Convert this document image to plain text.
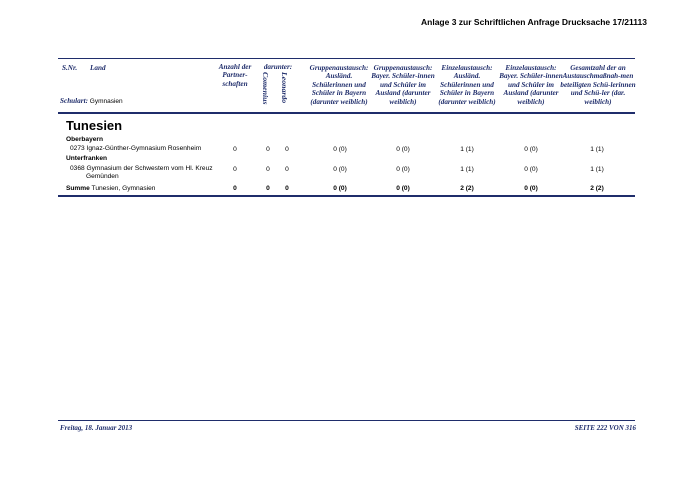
Anlage 3 zur Schriftlichen Anfrage Drucksache 17/21113
S.Nr. Land
Schulart: Gymnasien
Anzahl der Partner-schaften
darunter:
Comenius Leonardo
Gruppenaustausch: Ausländ. Schülerinnen und Schüler in Bayern (darunter weiblich)
Gruppenaustausch: Bayer. Schüler-innen und Schüler im Ausland (darunter weiblich)
Einzelaustausch: Ausländ. Schülerinnen und Schüler in Bayern (darunter weiblich)
Einzelaustausch: Bayer. Schüler-innen und Schüler im Ausland (darunter weiblich)
Gesamtzahl der an Austauschmaßnah-men beteiligten Schü-lerinnen und Schü-ler (dar. weiblich)
Tunesien
Oberbayern
0273 Ignaz-Günther-Gymnasium Rosenheim	0	0	0	0 (0)	0 (0)	1 (1)	0 (0)	1 (1)
Unterfranken
0368 Gymnasium der Schwestern vom Hl. Kreuz
Gemünden
0	0	0	0 (0)	0 (0)	1 (1)	0 (0)	1 (1)
Summe Tunesien, Gymnasien	0	0	0	0 (0)	0 (0)	2 (2)	0 (0)	2 (2)
Freitag, 18. Januar 2013	SEITE 222 VON 316
